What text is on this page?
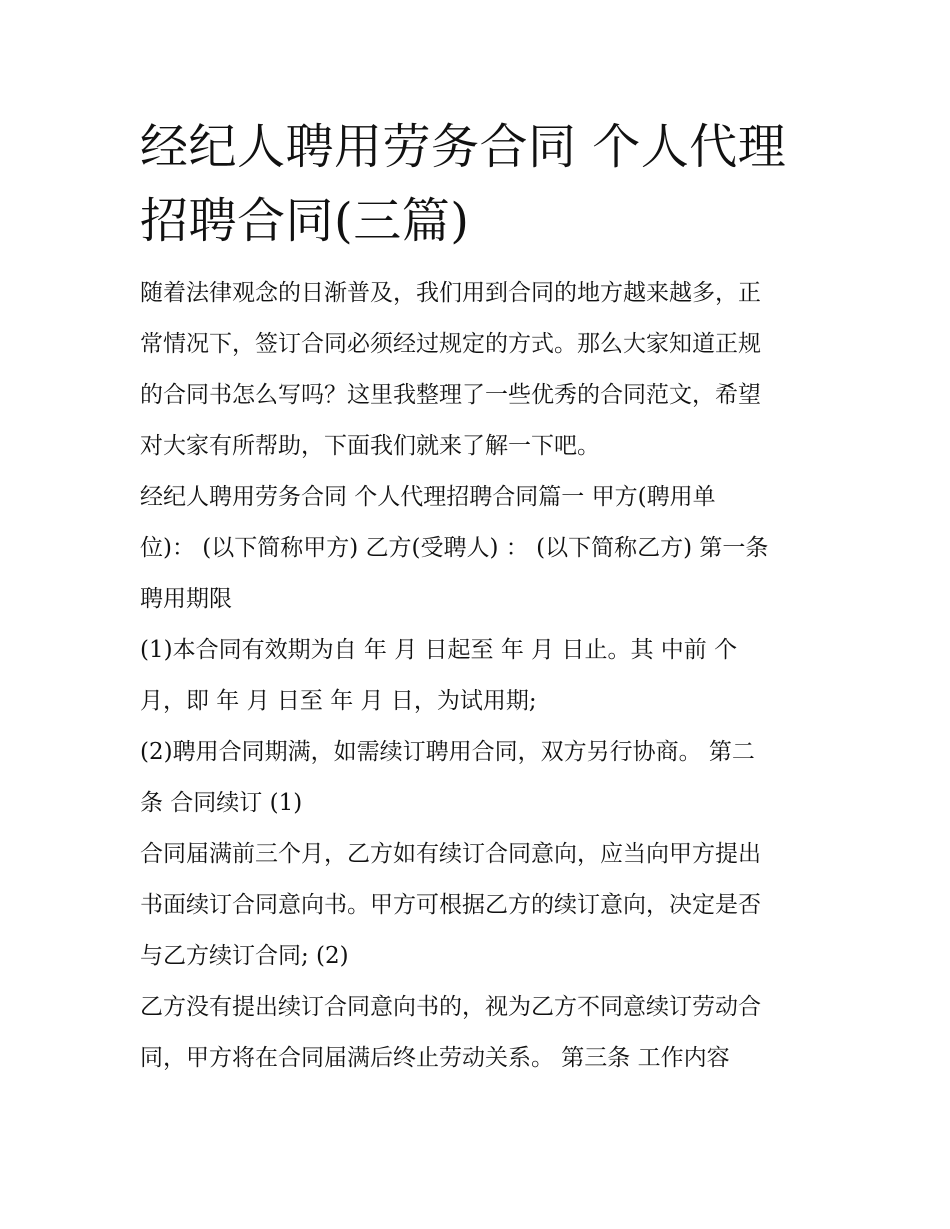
经纪人聘用劳务合同 个人代理
招聘合同(三篇)

随着法律观念的日渐普及，我们用到合同的地方越来越多，正

常情况下，签订合同必须经过规定的方式。那么大家知道正规

的合同书怎么写吗？这里我整理了一些优秀的合同范文，希望

对大家有所帮助，下面我们就来了解一下吧。

经纪人聘用劳务合同 个人代理招聘合同篇一 甲方(聘用单

位)： (以下简称甲方) 乙方(受聘人) ： (以下简称乙方) 第一条

聘用期限

(1)本合同有效期为自 年 月 日起至 年 月 日止。其 中前 个

月，即 年 月 日至 年 月 日，为试用期;

(2)聘用合同期满，如需续订聘用合同，双方另行协商。 第二

条 合同续订 (1)

合同届满前三个月，乙方如有续订合同意向，应当向甲方提出

书面续订合同意向书。甲方可根据乙方的续订意向，决定是否

与乙方续订合同; (2)

乙方没有提出续订合同意向书的，视为乙方不同意续订劳动合

同，甲方将在合同届满后终止劳动关系。 第三条 工作内容
